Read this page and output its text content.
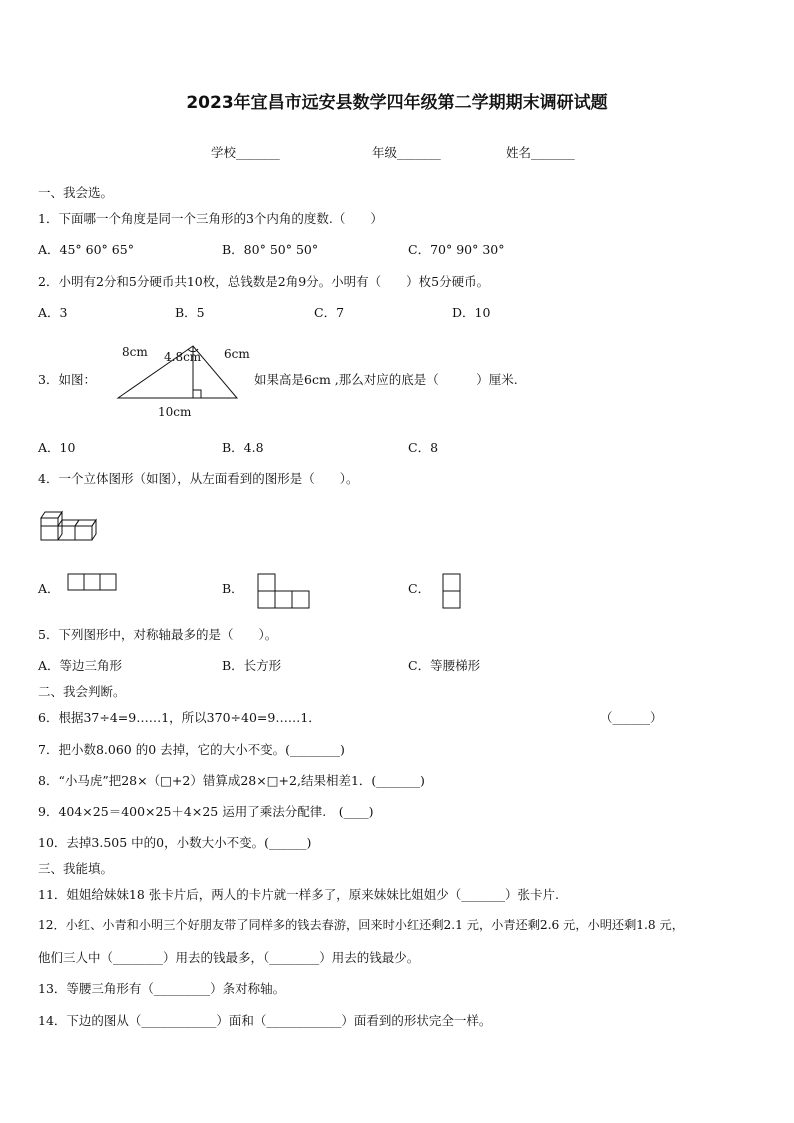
2023年宜昌市远安县数学四年级第二学期期末调研试题
学校_______	年级_______	姓名_______
一、我会选。
1．下面哪一个角度是同一个三角形的3个内角的度数.（　　）
A．45° 60° 65°	B．80° 50° 50°	C．70° 90° 30°
2．小明有2分和5分硬币共10枚，总钱数是2角9分。小明有（　　）枚5分硬币。
A．3	B．5	C．7	D．10
3．如图：
8cm 4.8cm 6cm
10cm
如果高是6cm ,那么对应的底是（　　　）厘米.
A．10	B．4.8	C．8
4．一个立体图形（如图），从左面看到的图形是（　　）。
A．	B．	C．
5．下列图形中，对称轴最多的是（　　）。
A．等边三角形	B．长方形	C．等腰梯形
二、我会判断。
6．根据37÷4=9……1，所以370÷40=9……1．	（______）
7．把小数8.060 的0 去掉，它的大小不变。(________)
8．“小马虎”把28×（□+2）错算成28×□+2,结果相差1．(_______)
9．404×25＝400×25＋4×25 运用了乘法分配律.　(____)
10．去掉3.505 中的0，小数大小不变。(______)
三、我能填。
11．姐姐给妹妹18 张卡片后，两人的卡片就一样多了，原来妹妹比姐姐少（_______）张卡片.
12．小红、小青和小明三个好朋友带了同样多的钱去春游，回来时小红还剩2.1 元，小青还剩2.6 元，小明还剩1.8 元，
他们三人中（________）用去的钱最多，（________）用去的钱最少。
13．等腰三角形有（_________）条对称轴。
14．下边的图从（____________）面和（____________）面看到的形状完全一样。
